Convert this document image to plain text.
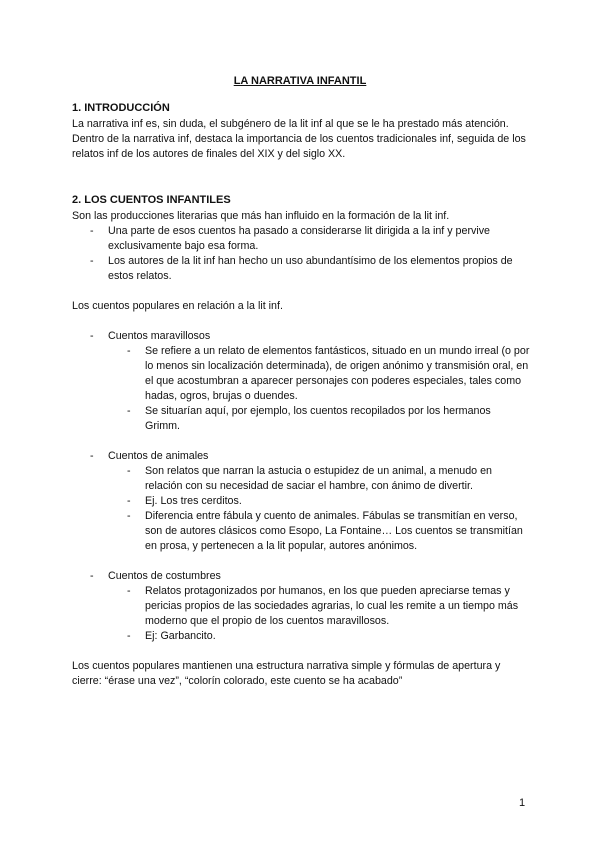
LA NARRATIVA INFANTIL
1. INTRODUCCIÓN

La narrativa inf es, sin duda, el subgénero de la lit inf al que se le ha prestado más atención. Dentro de la narrativa inf, destaca la importancia de los cuentos tradicionales inf, seguida de los relatos inf de los autores de finales del XIX y del siglo XX.

2. LOS CUENTOS INFANTILES

Son las producciones literarias que más han influido en la formación de la lit inf.

- Una parte de esos cuentos ha pasado a considerarse lit dirigida a la inf y pervive exclusivamente bajo esa forma.

- Los autores de la lit inf han hecho un uso abundantísimo de los elementos propios de estos relatos.

Los cuentos populares en relación a la lit inf.

- Cuentos maravillosos

- Se refiere a un relato de elementos fantásticos, situado en un mundo irreal (o por lo menos sin localización determinada), de origen anónimo y transmisión oral, en el que acostumbran a aparecer personajes con poderes especiales, tales como hadas, ogros, brujas o duendes.

- Se situarían aquí, por ejemplo, los cuentos recopilados por los hermanos Grimm.

- Cuentos de animales

- Son relatos que narran la astucia o estupidez de un animal, a menudo en relación con su necesidad de saciar el hambre, con ánimo de divertir.

- Ej. Los tres cerditos.

- Diferencia entre fábula y cuento de animales. Fábulas se transmitían en verso, son de autores clásicos como Esopo, La Fontaine… Los cuentos se transmitían en prosa, y pertenecen a la lit popular, autores anónimos.

- Cuentos de costumbres

- Relatos protagonizados por humanos, en los que pueden apreciarse temas y pericias propios de las sociedades agrarias, lo cual les remite a un tiempo más moderno que el propio de los cuentos maravillosos.

- Ej: Garbancito.

Los cuentos populares mantienen una estructura narrativa simple y fórmulas de apertura y cierre: “érase una vez”, “colorín colorado, este cuento se ha acabado”

1
